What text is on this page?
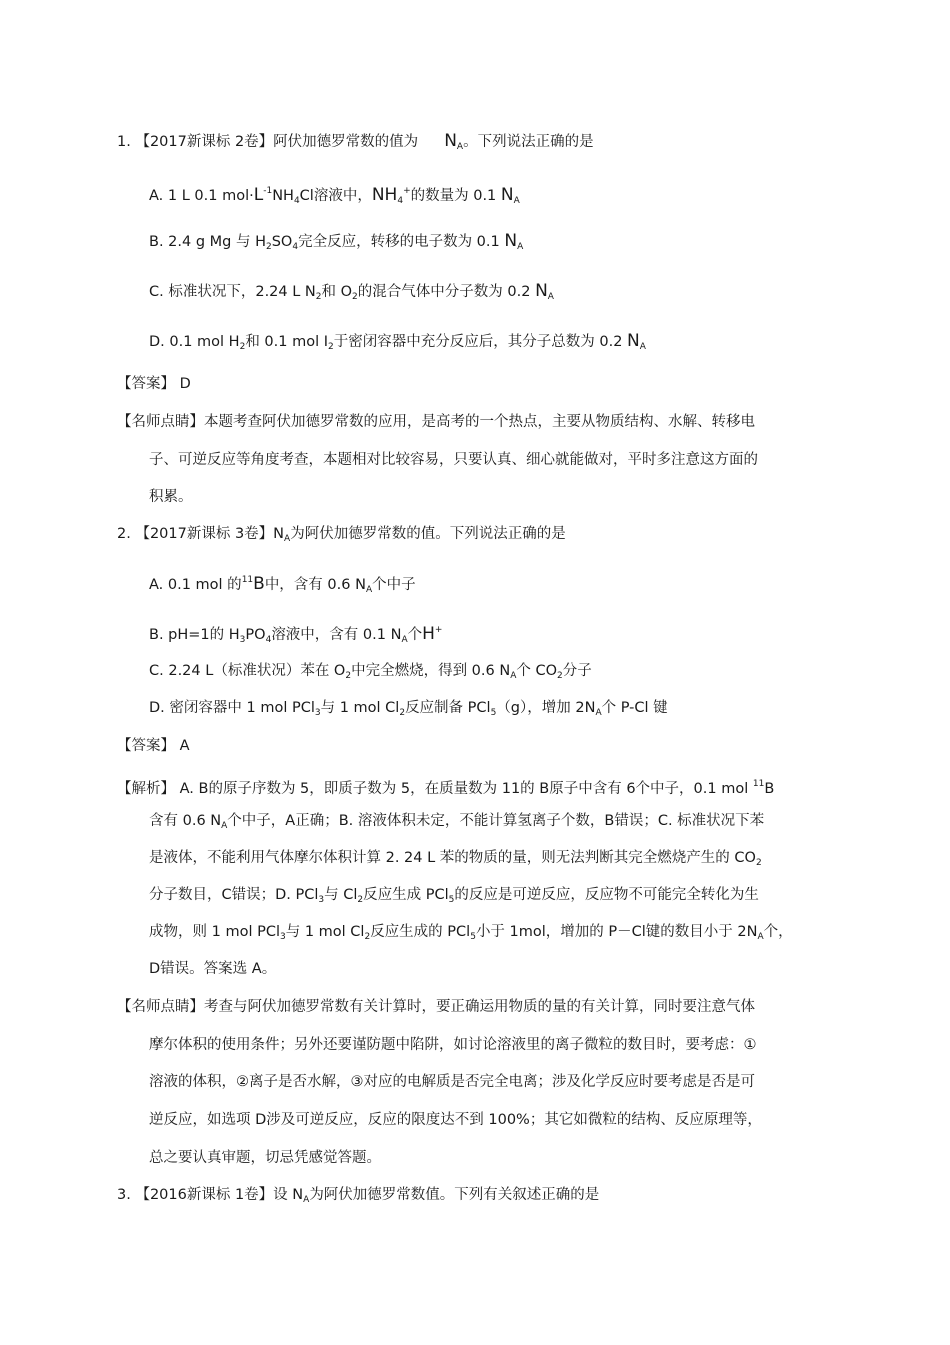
1. 【2017新课标 2卷】阿伏加德罗常数的值为 $N_A$。下列说法正确的是
A. 1 L 0.1 $mol\cdot L^{-1}NH_4Cl$溶液中，$NH_4^+$的数量为 0.1 $N_A$
B. 2.4 g Mg 与 $H_2SO_4$完全反应，转移的电子数为 0.1 $N_A$
C. 标准状况下，2.24 L $N_2$和 $O_2$的混合气体中分子数为 0.2 $N_A$
D. 0.1 mol $H_2$和 0.1 mol $I_2$于密闭容器中充分反应后，其分子总数为 0.2 $N_A$
【答案】 D
【名师点睛】本题考查阿伏加德罗常数的应用，是高考的一个热点，主要从物质结构、水解、转移电
子、可逆反应等角度考查，本题相对比较容易，只要认真、细心就能做对，平时多注意这方面的
积累。
2. 【2017新课标 3卷】$N_A$为阿伏加德罗常数的值。下列说法正确的是
A. 0.1 mol 的$^{11}$B中，含有 0.6 $N_A$个中子
B. pH=1的 $H_3PO_4$溶液中，含有 0.1 $N_A$个H+
C. 2.24 L（标准状况）苯在 $O_2$中完全燃烧，得到 0.6 $N_A$个 $CO_2$分子
D. 密闭容器中 1 mol PCl$_3$与 1 mol $Cl_2$反应制备 PCl$_5$（g），增加 $2N_A$个 P-Cl 键
【答案】 A
【解析】 A. B的原子序数为 5，即质子数为 5，在质量数为 11的 B原子中含有 6个中子，0.1 mol $^{11}$B
含有 0.6 $N_A$个中子，A正确；B. 溶液体积未定，不能计算氢离子个数，B错误；C. 标准状况下苯
是液体，不能利用气体摩尔体积计算 2. 24 L 苯的物质的量，则无法判断其完全燃烧产生的 $CO_2$
分子数目，C错误；D. PCl$_3$与 $Cl_2$反应生成 PCl$_5$的反应是可逆反应，反应物不可能完全转化为生
成物，则 1 mol PCl$_3$与 1 mol $Cl_2$反应生成的 PCl$_5$小于 1mol，增加的 P－Cl键的数目小于 $2N_A$个，
D错误。答案选 A。
【名师点睛】考查与阿伏加德罗常数有关计算时，要正确运用物质的量的有关计算，同时要注意气体
摩尔体积的使用条件；另外还要谨防题中陷阱，如讨论溶液里的离子微粒的数目时，要考虑：①
溶液的体积，②离子是否水解，③对应的电解质是否完全电离；涉及化学反应时要考虑是否是可
逆反应，如选项 D涉及可逆反应，反应的限度达不到 100%；其它如微粒的结构、反应原理等，
总之要认真审题，切忌凭感觉答题。
3. 【2016新课标 1卷】设 $N_A$为阿伏加德罗常数值。下列有关叙述正确的是
